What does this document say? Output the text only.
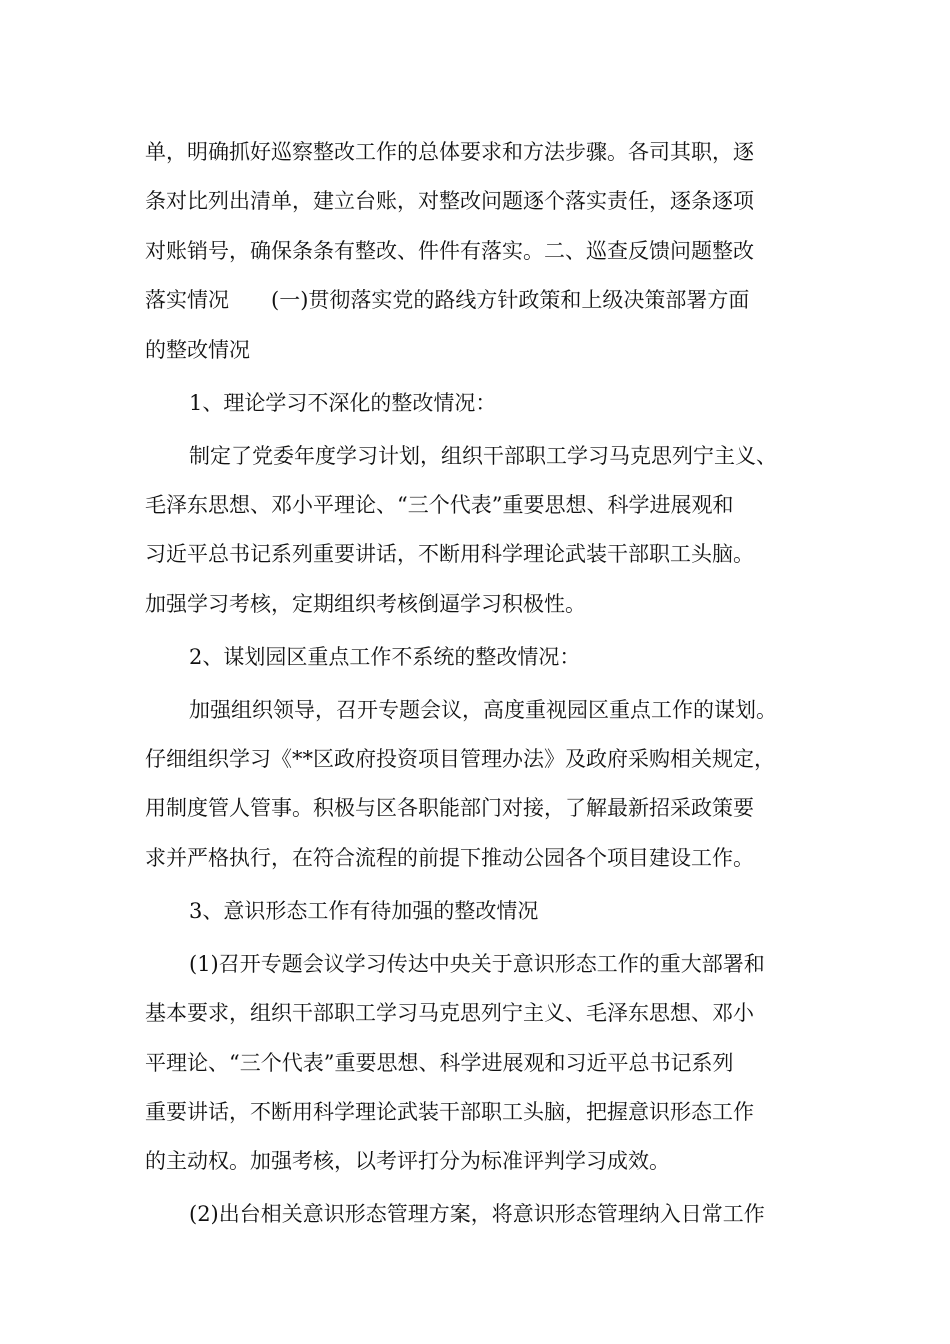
单，明确抓好巡察整改工作的总体要求和方法步骤。各司其职，逐
条对比列出清单，建立台账，对整改问题逐个落实责任，逐条逐项
对账销号，确保条条有整改、件件有落实。二、巡查反馈问题整改
落实情况　　(一)贯彻落实党的路线方针政策和上级决策部署方面
的整改情况
1、理论学习不深化的整改情况：
制定了党委年度学习计划，组织干部职工学习马克思列宁主义、
毛泽东思想、邓小平理论、“三个代表”重要思想、科学进展观和
习近平总书记系列重要讲话，不断用科学理论武装干部职工头脑。
加强学习考核，定期组织考核倒逼学习积极性。
2、谋划园区重点工作不系统的整改情况：
加强组织领导，召开专题会议，高度重视园区重点工作的谋划。
仔细组织学习《**区政府投资项目管理办法》及政府采购相关规定，
用制度管人管事。积极与区各职能部门对接，了解最新招采政策要
求并严格执行，在符合流程的前提下推动公园各个项目建设工作。
3、意识形态工作有待加强的整改情况
(1)召开专题会议学习传达中央关于意识形态工作的重大部署和
基本要求，组织干部职工学习马克思列宁主义、毛泽东思想、邓小
平理论、“三个代表”重要思想、科学进展观和习近平总书记系列
重要讲话，不断用科学理论武装干部职工头脑，把握意识形态工作
的主动权。加强考核，以考评打分为标准评判学习成效。
(2)出台相关意识形态管理方案，将意识形态管理纳入日常工作
